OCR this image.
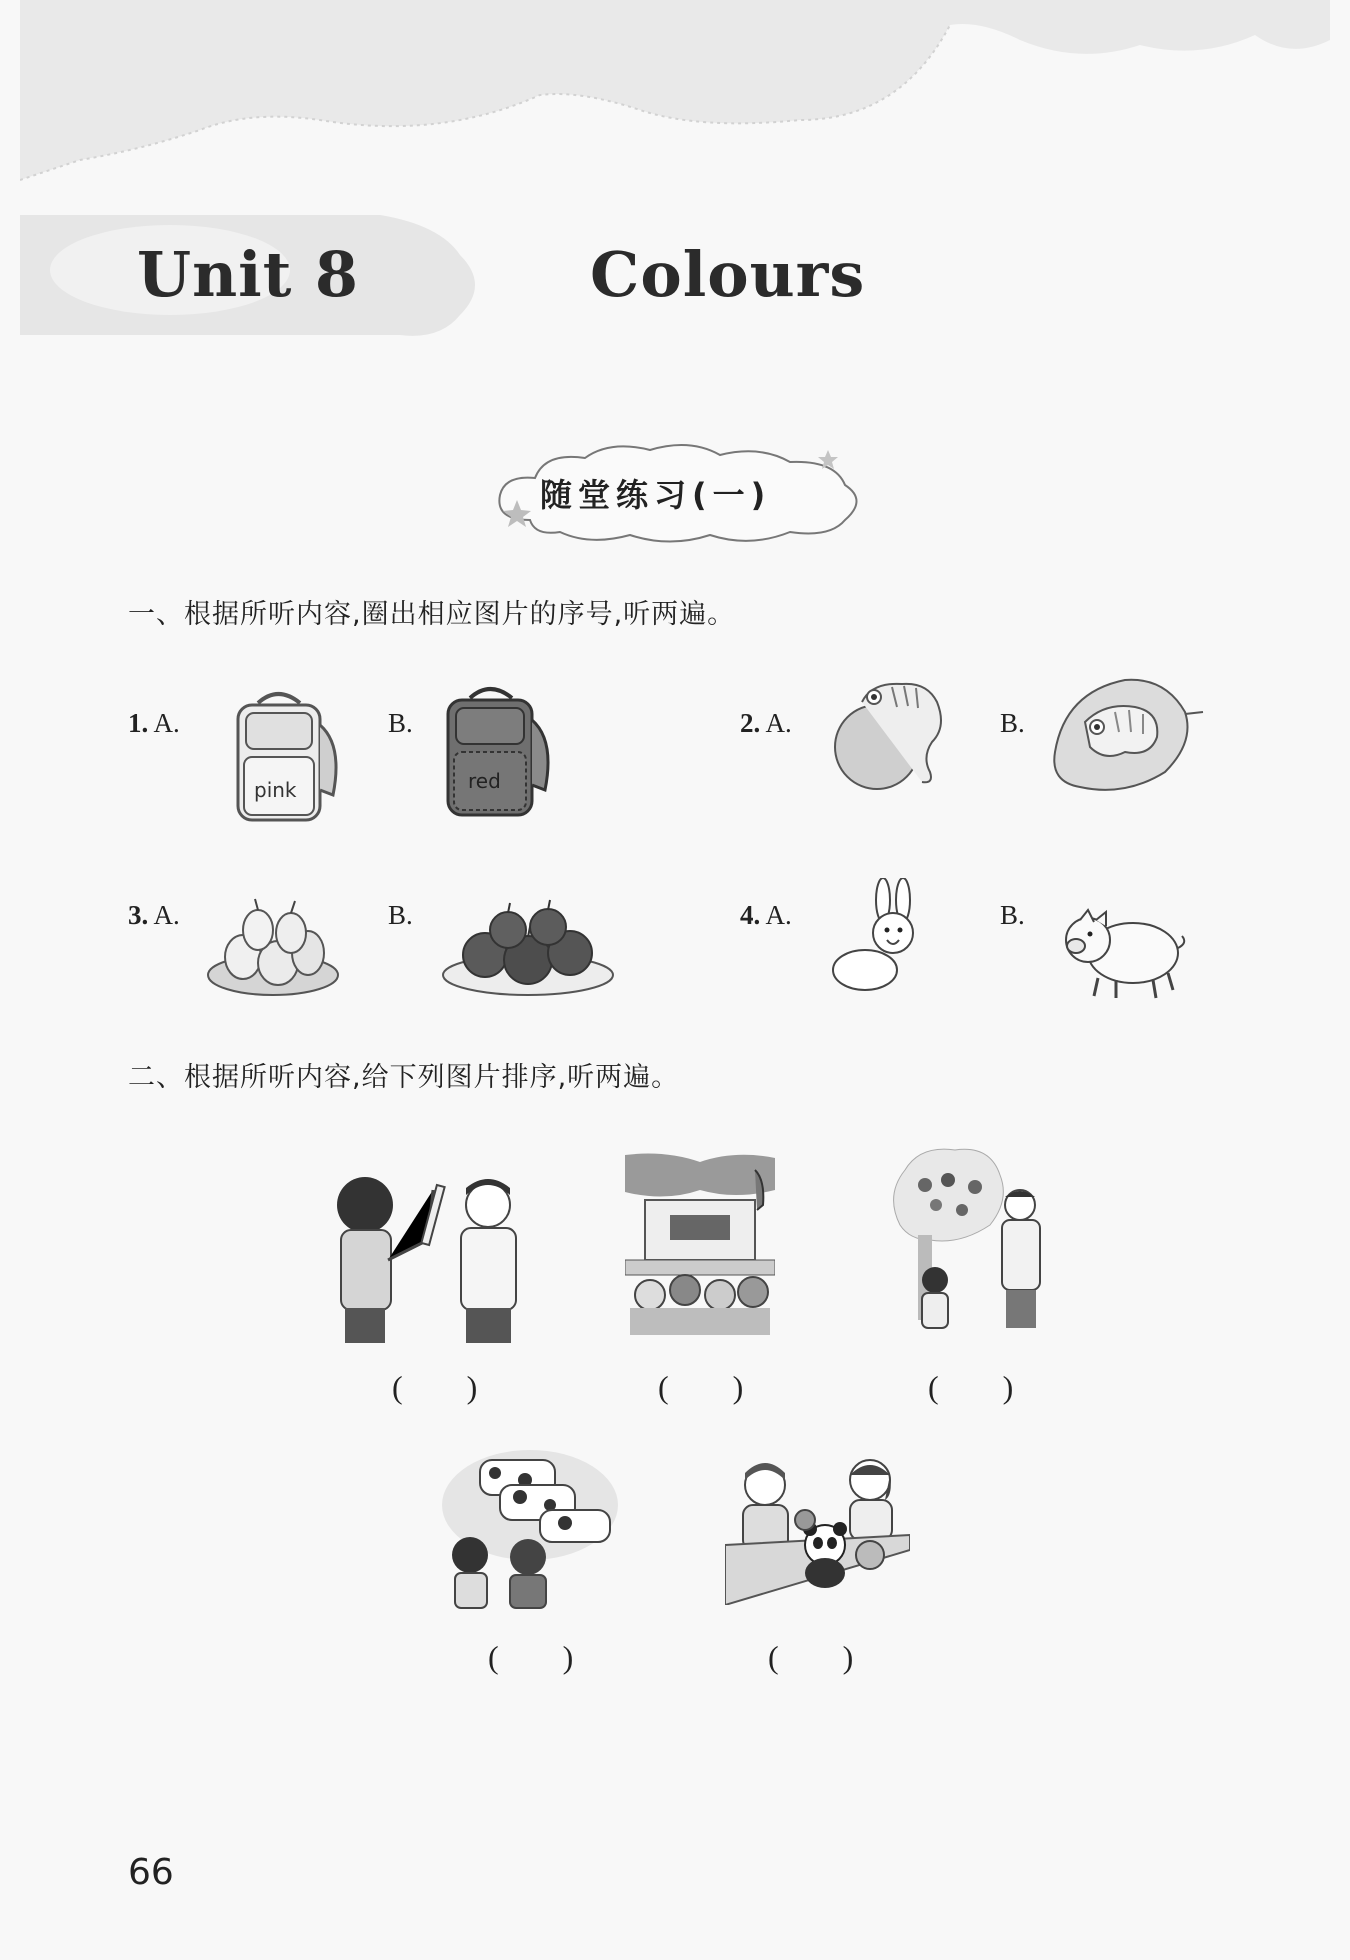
Unit 8	Colours
随堂练习(一)
一、根据所听内容,圈出相应图片的序号,听两遍。
1. A.
pink
B.
red
2. A.	B.
3. A.	B.	4. A.	B.
二、根据所听内容,给下列图片排序,听两遍。
(　　)	(　　)	(　　)
(　　)	(　　)
66
